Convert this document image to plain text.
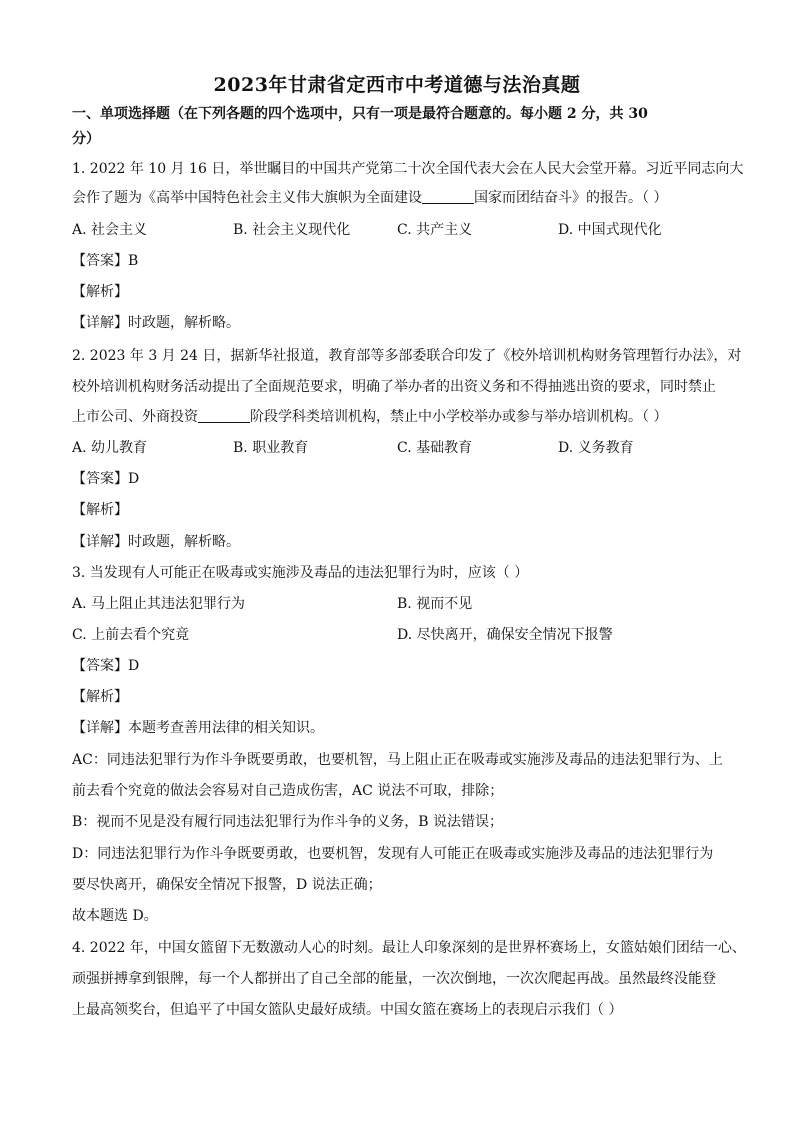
2023年甘肃省定西市中考道德与法治真题
一、单项选择题（在下列各题的四个选项中，只有一项是最符合题意的。每小题 2 分，共 30
分）
1. 2022 年 10 月 16 日，举世瞩目的中国共产党第二十次全国代表大会在人民大会堂开幕。习近平同志向大
会作了题为《高举中国特色社会主义伟大旗帜为全面建设	国家而团结奋斗》的报告。（ ）
A. 社会主义	B. 社会主义现代化	C. 共产主义	D. 中国式现代化
【答案】B
【解析】
【详解】时政题，解析略。
2. 2023 年 3 月 24 日，据新华社报道，教育部等多部委联合印发了《校外培训机构财务管理暂行办法》，对
校外培训机构财务活动提出了全面规范要求，明确了举办者的出资义务和不得抽逃出资的要求，同时禁止
上市公司、外商投资	阶段学科类培训机构，禁止中小学校举办或参与举办培训机构。（ ）
A. 幼儿教育	B. 职业教育	C. 基础教育	D. 义务教育
【答案】D
【解析】
【详解】时政题，解析略。
3. 当发现有人可能正在吸毒或实施涉及毒品的违法犯罪行为时，应该（ ）
A. 马上阻止其违法犯罪行为	B. 视而不见
C. 上前去看个究竟	D. 尽快离开，确保安全情况下报警
【答案】D
【解析】
【详解】本题考查善用法律的相关知识。
AC：同违法犯罪行为作斗争既要勇敢，也要机智，马上阻止正在吸毒或实施涉及毒品的违法犯罪行为、上
前去看个究竟的做法会容易对自己造成伤害，AC 说法不可取，排除；
B：视而不见是没有履行同违法犯罪行为作斗争的义务，B 说法错误；
D：同违法犯罪行为作斗争既要勇敢，也要机智，发现有人可能正在吸毒或实施涉及毒品的违法犯罪行为
要尽快离开，确保安全情况下报警，D 说法正确；
故本题选 D。
4. 2022 年，中国女篮留下无数激动人心的时刻。最让人印象深刻的是世界杯赛场上，女篮姑娘们团结一心、
顽强拼搏拿到银牌，每一个人都拼出了自己全部的能量，一次次倒地，一次次爬起再战。虽然最终没能登
上最高领奖台，但追平了中国女篮队史最好成绩。中国女篮在赛场上的表现启示我们（ ）
